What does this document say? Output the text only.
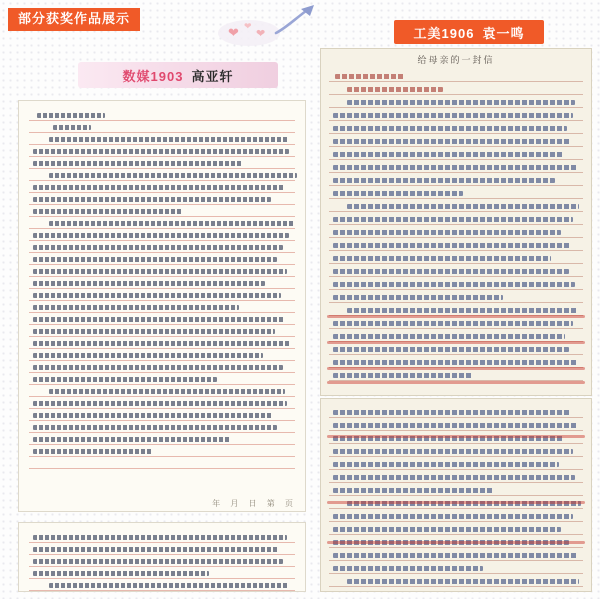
部分获奖作品展示
❤ ❤
❤
数媒1903 高亚轩
年 月 日 第 页
工美1906 袁一鸣
给母亲的一封信
